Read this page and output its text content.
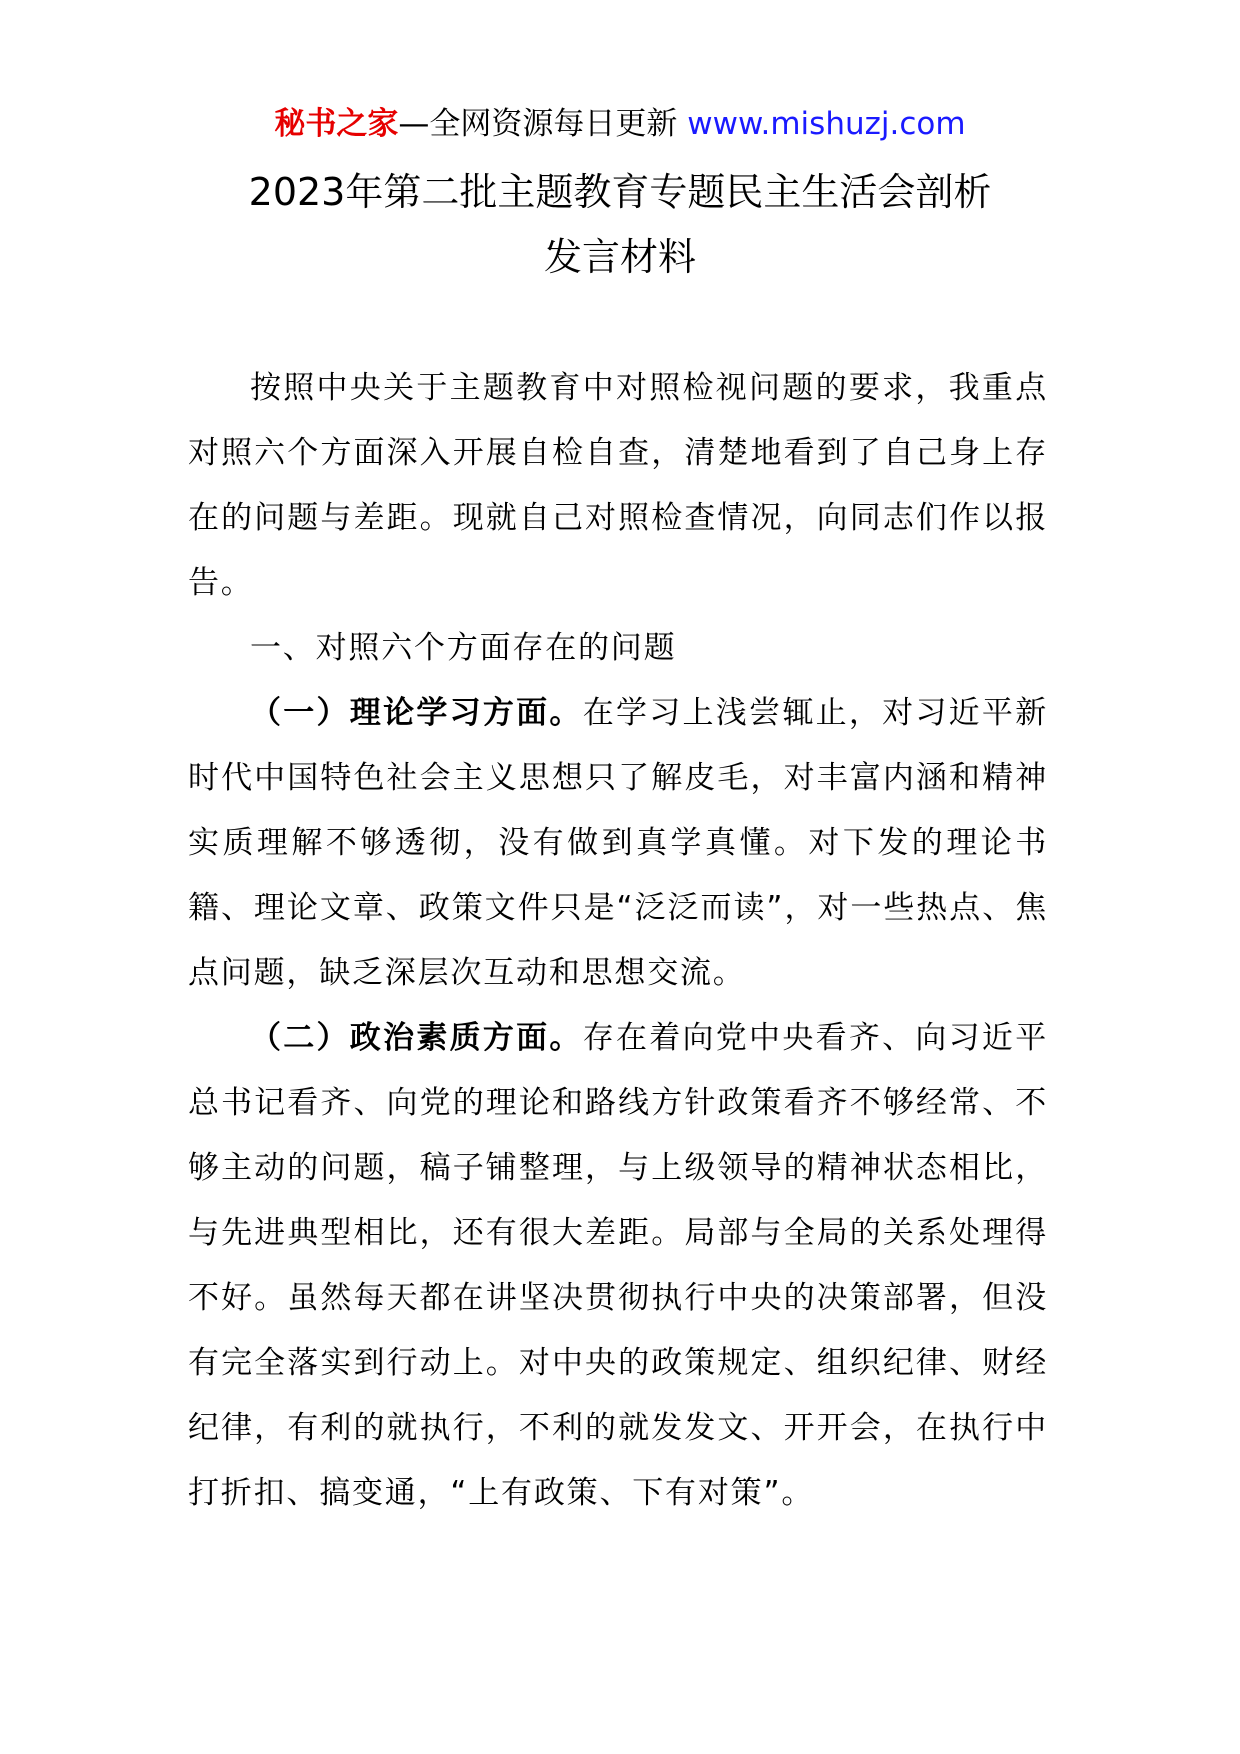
秘书之家—全网资源每日更新 www.mishuzj.com
2023年第二批主题教育专题民主生活会剖析
发言材料

按照中央关于主题教育中对照检视问题的要求，我重点对照六个方面深入开展自检自查，清楚地看到了自己身上存在的问题与差距。现就自己对照检查情况，向同志们作以报告。

一、对照六个方面存在的问题

（一）理论学习方面。在学习上浅尝辄止，对习近平新时代中国特色社会主义思想只了解皮毛，对丰富内涵和精神实质理解不够透彻，没有做到真学真懂。对下发的理论书籍、理论文章、政策文件只是“泛泛而读”，对一些热点、焦点问题，缺乏深层次互动和思想交流。

（二）政治素质方面。存在着向党中央看齐、向习近平总书记看齐、向党的理论和路线方针政策看齐不够经常、不够主动的问题，稿子铺整理，与上级领导的精神状态相比，与先进典型相比，还有很大差距。局部与全局的关系处理得不好。虽然每天都在讲坚决贯彻执行中央的决策部署，但没有完全落实到行动上。对中央的政策规定、组织纪律、财经纪律，有利的就执行，不利的就发发文、开开会，在执行中打折扣、搞变通，“上有政策、下有对策”。
